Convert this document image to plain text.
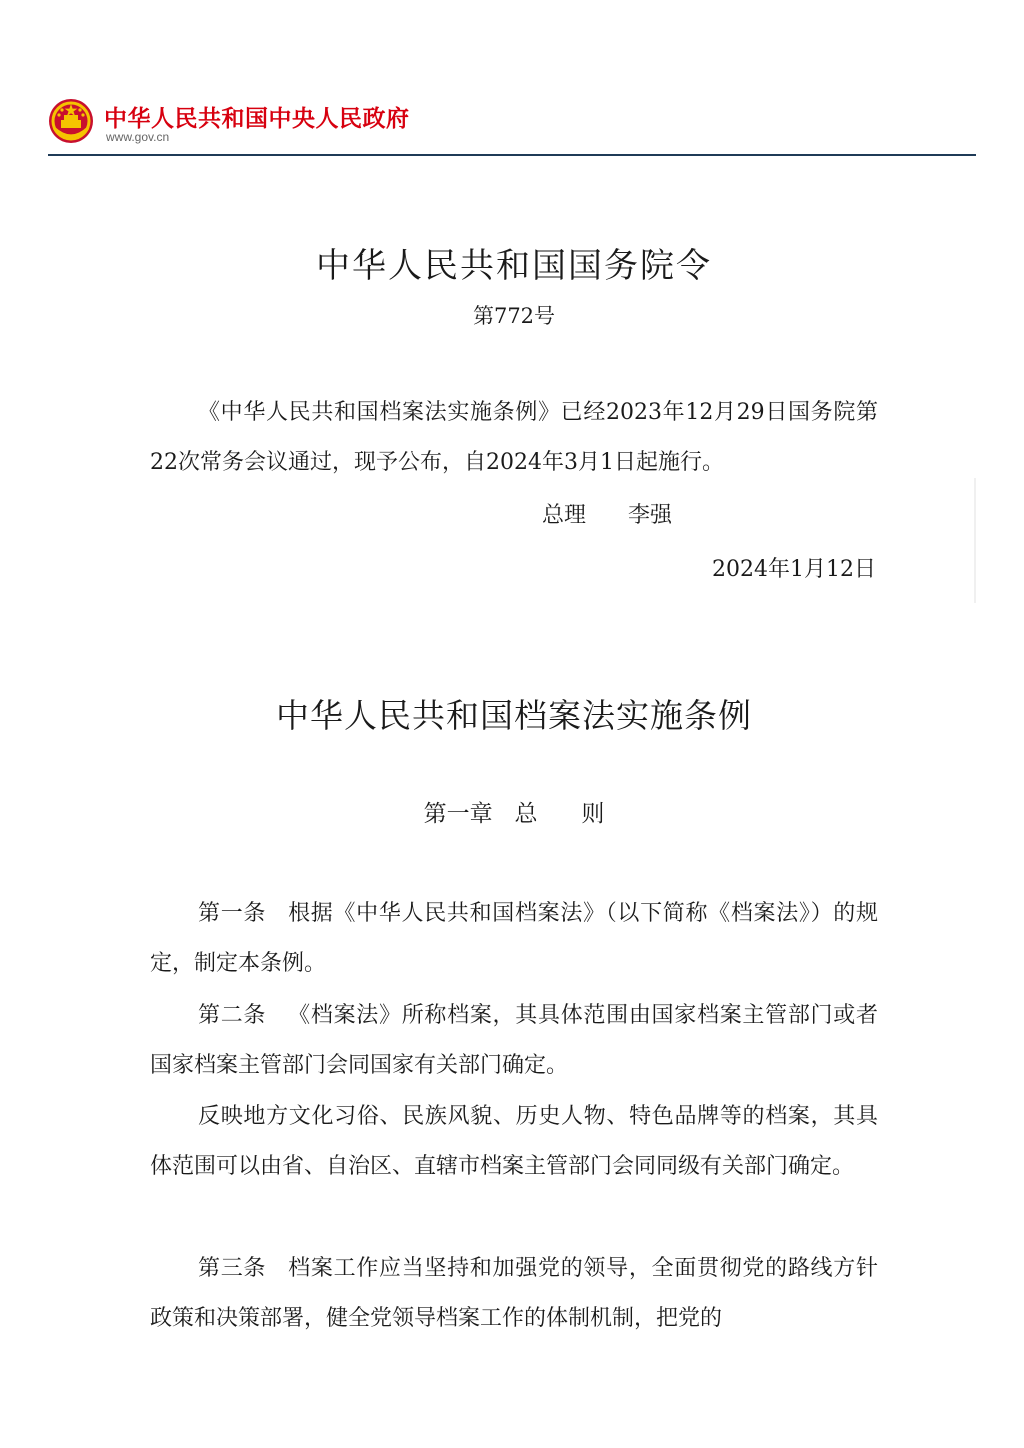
中华人民共和国中央人民政府
www.gov.cn
中华人民共和国国务院令
第772号
《中华人民共和国档案法实施条例》已经2023年12月29日国务院第22次常务会议通过，现予公布，自2024年3月1日起施行。
总理 李强
2024年1月12日
中华人民共和国档案法实施条例
第一章 总 则
第一条 根据《中华人民共和国档案法》（以下简称《档案法》）的规定，制定本条例。
第二条 《档案法》所称档案，其具体范围由国家档案主管部门或者国家档案主管部门会同国家有关部门确定。
反映地方文化习俗、民族风貌、历史人物、特色品牌等的档案，其具体范围可以由省、自治区、直辖市档案主管部门会同同级有关部门确定。
第三条 档案工作应当坚持和加强党的领导，全面贯彻党的路线方针政策和决策部署，健全党领导档案工作的体制机制，把党的
